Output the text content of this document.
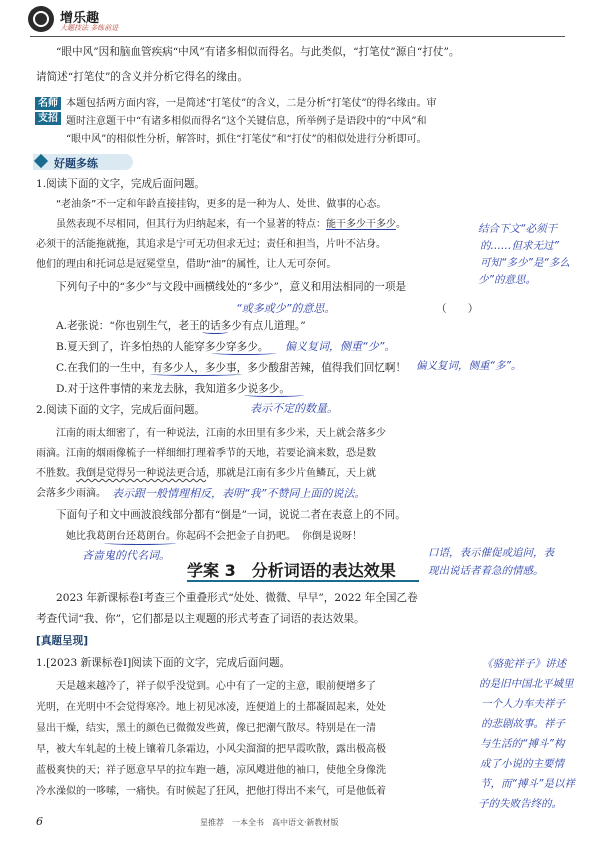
增乐趣
大题技法 多练前进
“眼中风”因和脑血管疾病“中风”有诸多相似而得名。与此类似，“打笔仗”源自“打仗”。
请简述“打笔仗”的含义并分析它得名的缘由。
名师
支招
本题包括两方面内容，一是简述“打笔仗”的含义，二是分析“打笔仗”的得名缘由。审
题时注意题干中“有诸多相似而得名”这个关键信息，所举例子是语段中的“中风”和
“眼中风”的相似性分析，解答时，抓住“打笔仗”和“打仗”的相似处进行分析即可。
好题多练
1.阅读下面的文字，完成后面问题。
“老油条”不一定和年龄直接挂钩，更多的是一种为人、处世、做事的心态。
虽然表现不尽相同，但其行为归纳起来，有一个显著的特点：能干多少干多少。
必须干的活能拖就拖，其追求是宁可无功但求无过；责任和担当，片叶不沾身。
他们的理由和托词总是冠冕堂皇，借助“油”的属性，让人无可奈何。
下列句子中的“多少”与文段中画横线处的“多少”，意义和用法相同的一项是
（　　）
A.老张说：“你也别生气，老王的话多少有点儿道理。”
B.夏天到了，许多怕热的人能穿多少穿多少。
C.在我们的一生中，有多少人，多少事，多少酸甜苦辣，值得我们回忆啊！
D.对于这件事情的来龙去脉，我知道多少说多少。
结合下文“必须干
的……但求无过”
可知“多少”是“多么
少”的意思。
“或多或少”的意思。
偏义复词，侧重“少”。
偏义复词，侧重“多”。
2.阅读下面的文字，完成后面问题。	表示不定的数量。
江南的雨太细密了，有一种说法，江南的水田里有多少米，天上就会落多少
雨滴。江南的烟雨像梳子一样细细打理着季节的天地，若要论滴来数，恐是数
不胜数。我倒是觉得另一种说法更合适，那就是江南有多少片鱼鳞瓦，天上就
会落多少雨滴。 表示跟一般情理相反，表明“我”不赞同上面的说法。
下面句子和文中画波浪线部分都有“倒是”一词，说说二者在表意上的不同。
她比我葛朗台还葛朗台。你起码不会把金子自扔吧。 你倒是说呀！
吝啬鬼的代名词。	口语，表示催促或追问，表
现出说话者着急的情感。
学案 3　分析词语的表达效果
2023 年新课标卷Ⅰ考查三个重叠形式“处处、微微、早早”，2022 年全国乙卷
考查代词“我、你”，它们都是以主观题的形式考查了词语的表达效果。
[真题呈现]
1.[2023 新课标卷Ⅰ]阅读下面的文字，完成后面问题。
天是越来越冷了，祥子似乎没觉到。心中有了一定的主意，眼前便增多了
光明，在光明中不会觉得寒冷。地上初见冰凌，连便道上的土都凝固起来，处处
显出干燥，结实，黑土的颜色已微微发些黄，像已把潮气散尽。特别是在一清
早，被大车轧起的土棱上镶着几条霜边，小风尖溜溜的把早霞吹散，露出极高极
蓝极爽快的天；祥子愿意早早的拉车跑一趟，凉风飕进他的袖口，使他全身像洗
冷水澡似的一哆嗦，一痛快。有时候起了狂风，把他打得出不来气，可是他低着
《骆驼祥子》讲述
的是旧中国北平城里
一个人力车夫祥子
的悲剧故事。祥子
与生活的“搏斗”构
成了小说的主要情
节，而“搏斗”是以祥
子的失败告终的。
6	星推荐　一本全书　高中语文·新教材版
